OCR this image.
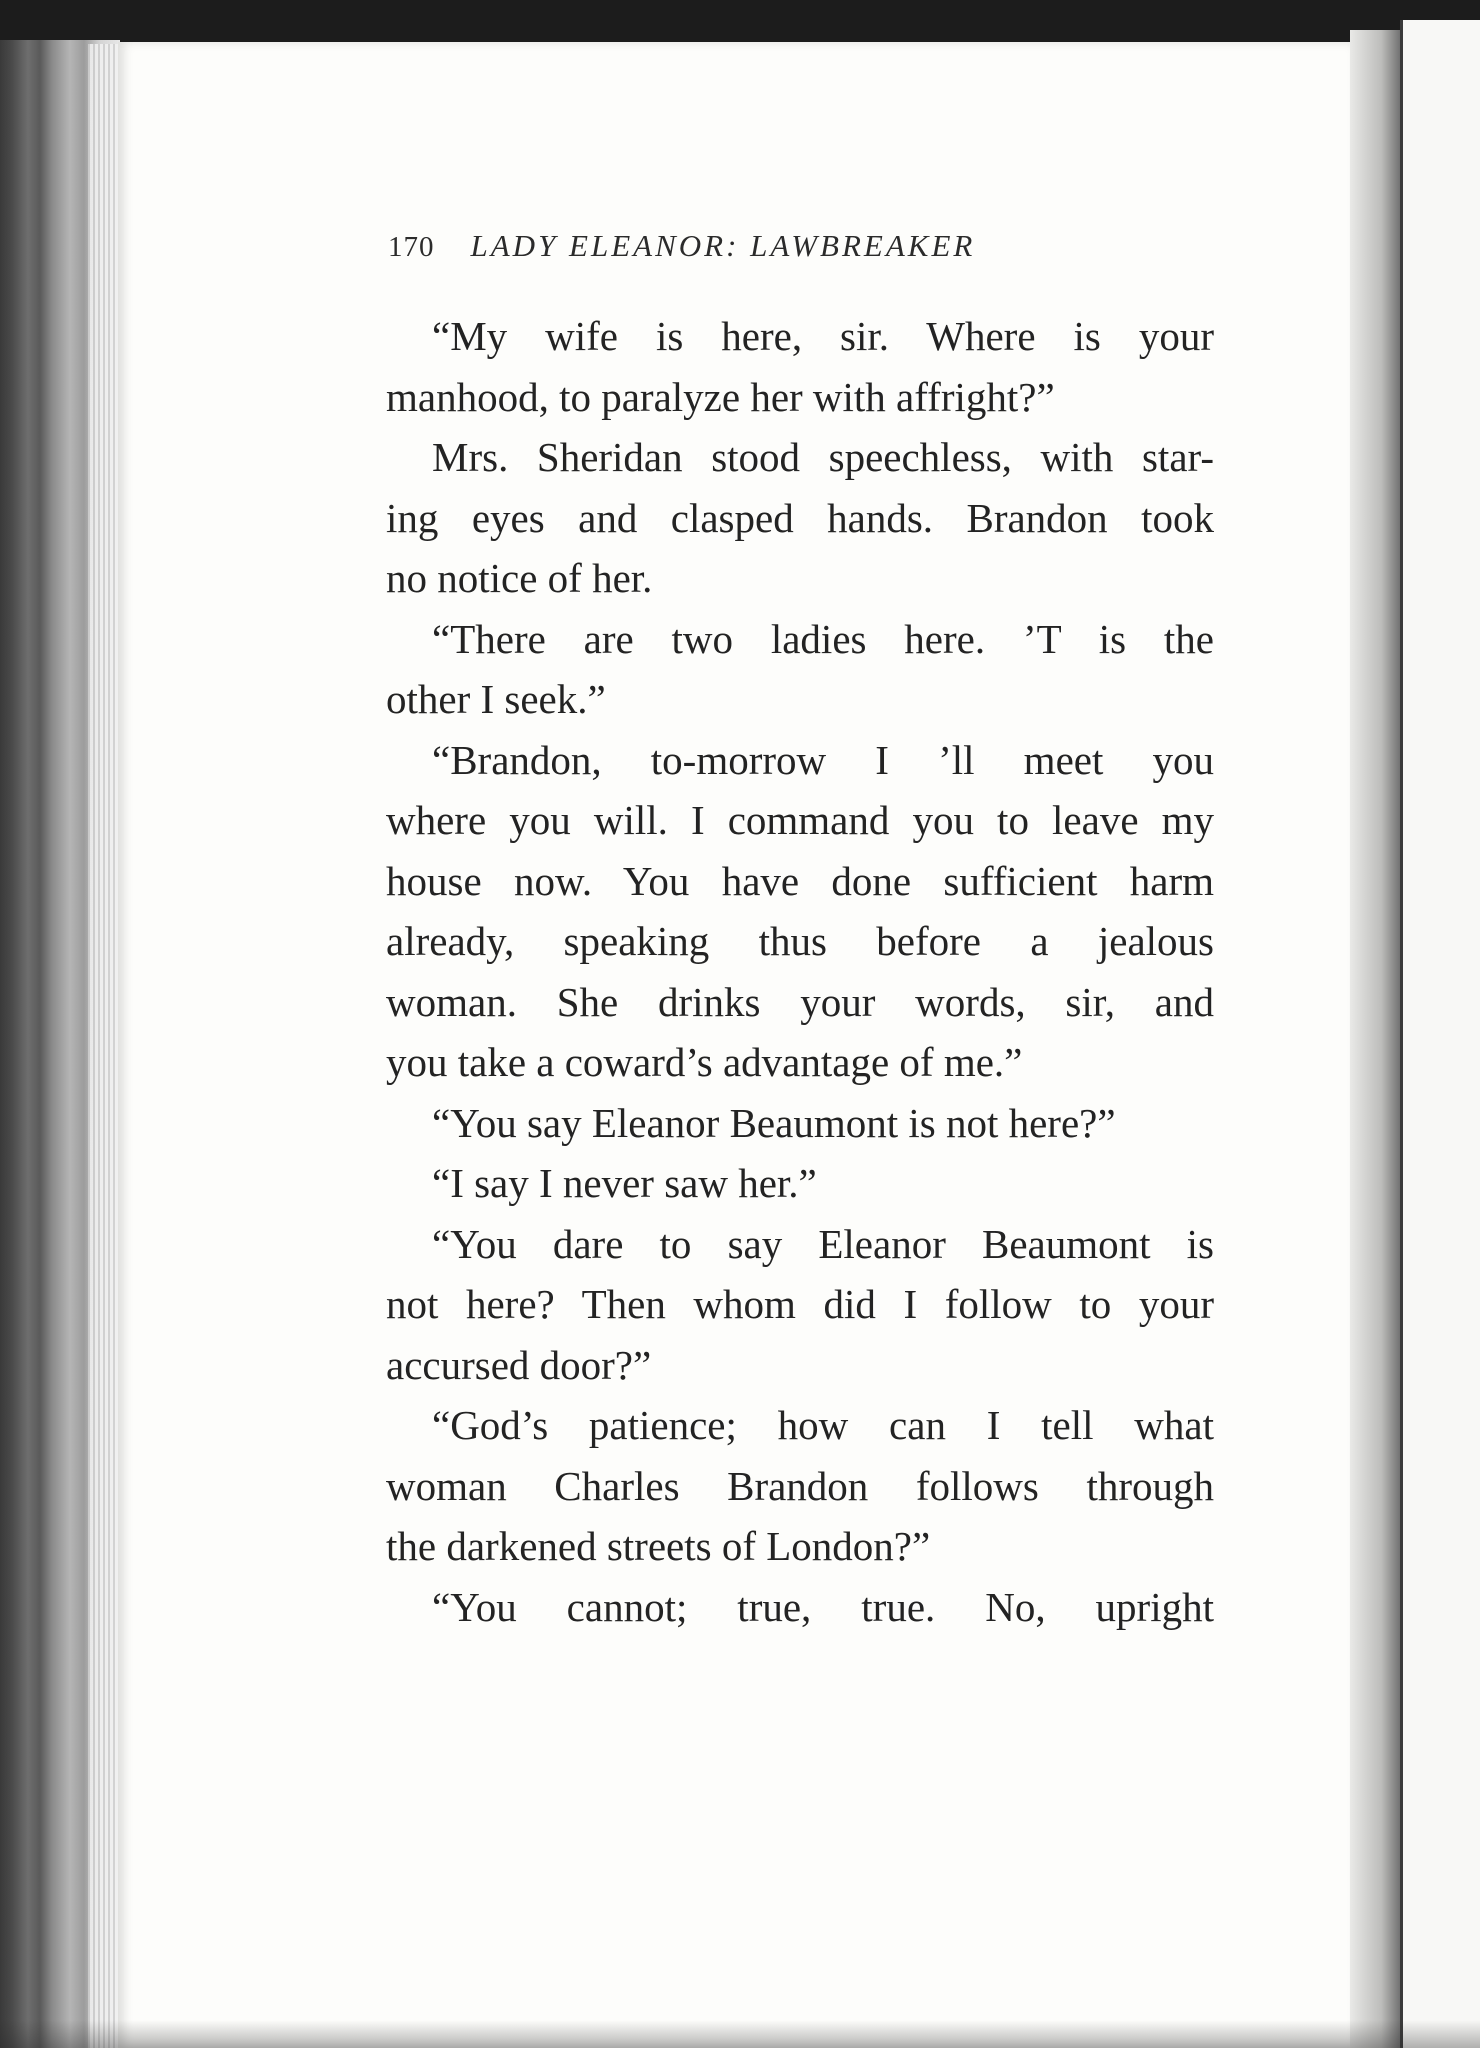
170 LADY ELEANOR: LAWBREAKER
“My wife is here, sir. Where is your
manhood, to paralyze her with affright?”
Mrs. Sheridan stood speechless, with star-
ing eyes and clasped hands. Brandon took
no notice of her.
“There are two ladies here. ’T is the
other I seek.”
“Brandon, to-morrow I ’ll meet you
where you will. I command you to leave my
house now. You have done sufficient harm
already, speaking thus before a jealous
woman. She drinks your words, sir, and
you take a coward’s advantage of me.”
“You say Eleanor Beaumont is not here?”
“I say I never saw her.”
“You dare to say Eleanor Beaumont is
not here? Then whom did I follow to your
accursed door?”
“God’s patience; how can I tell what
woman Charles Brandon follows through
the darkened streets of London?”
“You cannot; true, true. No, upright
